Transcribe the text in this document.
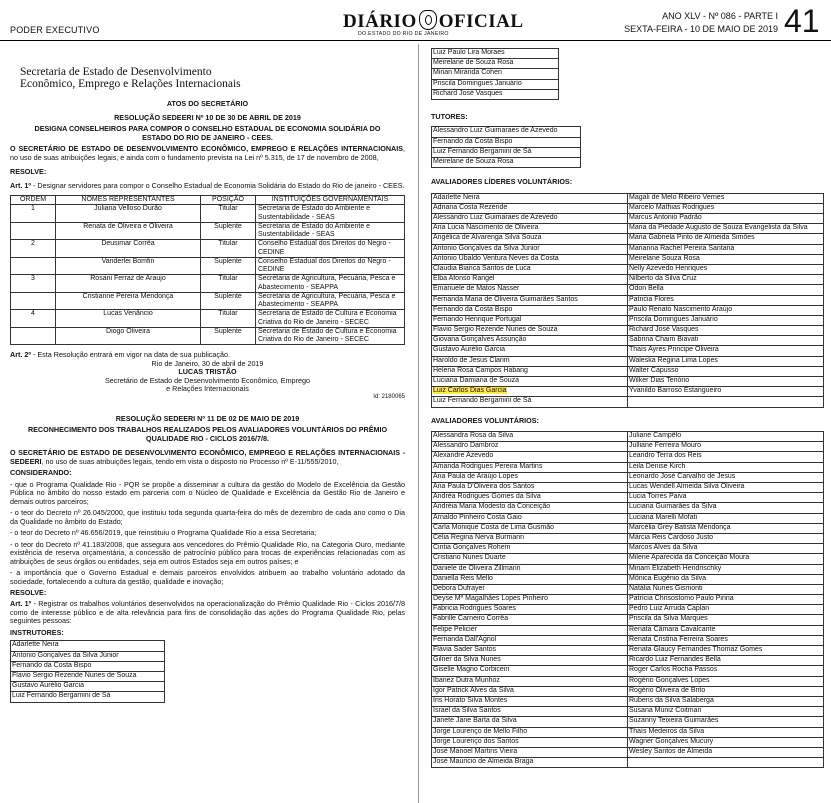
PODER EXECUTIVO	DIÁRIO OFICIAL
DO ESTADO DO RIO DE JANEIRO
ANO XLV - Nº 086 - PARTE I
SEXTA-FEIRA - 10 DE MAIO DE 2019 41
Secretaria de Estado de Desenvolvimento
Econômico, Emprego e Relações Internacionais

ATOS DO SECRETÁRIO

RESOLUÇÃO SEDEERI Nº 10 DE 30 DE ABRIL DE 2019

DESIGNA CONSELHEIROS PARA COMPOR O CONSELHO ESTADUAL DE ECONOMIA SOLIDÁRIA DO ESTADO DO RIO DE JANEIRO - CEES.

O SECRETÁRIO DE ESTADO DE DESENVOLVIMENTO ECONÔMICO, EMPREGO E RELAÇÕES INTERNACIONAIS, no uso de suas atribuições legais, e ainda com o fundamento prevista na Lei nº 5.315, de 17 de novembro de 2008,

RESOLVE:

Art. 1º - Designar servidores para compor o Conselho Estadual de Economia Solidária do Estado do Rio de janeiro - CEES.

ORDEM	NOMES REPRESENTANTES	POSIÇÃO	INSTITUIÇÕES GOVERNAMENTAIS
1	Juliana Velloso Durão	Titular	Secretaria de Estado do Ambiente e Sustentabilidade - SEAS
	Renata de Oliveira e Oliveira	Suplente	Secretaria de Estado do Ambiente e Sustentabilidade - SEAS
2	Deusimar Corrêa	Titular	Conselho Estadual dos Direitos do Negro - CEDINE
	Vanderlei Bomfin	Suplente	Conselho Estadual dos Direitos do Negro - CEDINE
3	Rosani Ferraz de Araujo	Titular	Secretaria de Agricultura, Pecuária, Pesca e Abastecimento - SEAPPA
	Cristianne Pereira Mendonça	Suplente	Secretaria de Agricultura, Pecuária, Pesca e Abastecimento - SEAPPA
4	Lucas Venâncio	Titular	Secretaria de Estado de Cultura e Economia Criativa do Rio de Janeiro - SECEC
	Diogo Oliveira	Suplente	Secretaria de Estado de Cultura e Economia Criativa do Rio de Janeiro - SECEC

Art. 2º - Esta Resolução entrará em vigor na data de sua publicação.

Rio de Janeiro, 30 de abril de 2019

LUCAS TRISTÃO

Secretário de Estado de Desenvolvimento Econômico, Emprego

e Relações Internacionais

Id: 2180065

RESOLUÇÃO SEDEERI Nº 11 DE 02 DE MAIO DE 2019

RECONHECIMENTO DOS TRABALHOS REALIZADOS PELOS AVALIADORES VOLUNTÁRIOS DO PRÊMIO QUALIDADE RIO - CICLOS 2016/7/8.

O SECRETÁRIO DE ESTADO DE DESENVOLVIMENTO ECONÔMICO, EMPREGO E RELAÇÕES INTERNACIONAIS - SEDEERI, no uso de suas atribuições legais, tendo em vista o disposto no Processo nº E-11/555/2010,

CONSIDERANDO:

- que o Programa Qualidade Rio - PQR se propõe a disseminar a cultura da gestão do Modelo de Excelência da Gestão Pública no âmbito do nosso estado em parceria com o Núcleo de Qualidade e Excelência da Gestão Rio de Janeiro e demais outros parceiros;

- o teor do Decreto nº 26.045/2000, que instituiu toda segunda quarta-feira do mês de dezembro de cada ano como o Dia da Qualidade no âmbito do Estado;

- o teor do Decreto nº 46.656/2019, que reinstituiu o Programa Qualidade Rio a essa Secretaria;

- o teor do Decreto nº 41.183/2008, que assegura aos vencedores do Prêmio Qualidade Rio, na Categoria Ouro, mediante existência de reserva orçamentária, a concessão de patrocínio público para trocas de experiências relacionadas com as atribuições de seus órgãos ou entidades, seja em outros Estados seja em outros países; e

- a importância que o Governo Estadual e demais parceiros envolvidos atribuem ao trabalho voluntário adotado da sociedade, fortalecendo a cultura da gestão, qualidade e inovação;

RESOLVE:

Art. 1º - Registrar os trabalhos voluntários desenvolvidos na operacionalização do Prêmio Qualidade Rio - Ciclos 2016/7/8 como de interesse público e de alta relevância para fins de consolidação das ações do Programa Qualidade Rio, pelas seguintes pessoas:

INSTRUTORES:

Adarlette Neira
Antonio Gonçalves da Silva Júnior
Fernando da Costa Bispo
Flavio Sergio Rezende Nunes de Souza
Gustavo Aurélio Garcia
Luiz Fernando Bergamini de Sá
Luiz Paulo Lira Moraes
Meirelane de Souza Rosa
Mirian Miranda Cohen
Priscila Domingues Januário
Richard José Vasques

TUTORES:

Alessandro Luiz Guimaraes de Azevedo
Fernando da Costa Bispo
Luiz Fernando Bergamini de Sá
Meirelane de Souza Rosa

AVALIADORES LÍDERES VOLUNTÁRIOS:

Adarlette Neira	Magali de Melo Ribeiro Vernes
Adriana Costa Rezende	Marcelo Mathias Rodrigues
Alessandro Luiz Guimaraes de Azevedo	Marcus Antonio Padrão
Ana Lucia Nascimento de Oliveira	Maria da Piedade Augusto de Souza Evangelista da Silva
Angélica de Alvarenga Silva Souza	Maria Gabriela Pinto de Almeida Simões
Antonio Gonçalves da Silva Júnior	Marianna Rachel Pereira Santana
Antonio Ubaldo Ventura Neves da Costa	Meirelane Souza Rosa
Claudia Bianca Santos de Luca	Nelly Azevedo Henriques
Elba Afonso Rangel	Nilberto da Silva Cruz
Emanuele de Matos Nasser	Odon Bella
Fernanda Maria de Oliveira Guimarães Santos	Patricia Flores
Fernando da Costa Bispo	Paulo Renato Nascimento Araújo
Fernando Henrique Portugal	Priscila Domingues Januário
Flavio Sergio Rezende Nunes de Souza	Richard José Vasques
Giovana Gonçalves Assunção	Sabrina Chaim Biavati
Gustavo Aurélio Garcia	Thaís Ayres Principe Oliveira
Haroldo de Jesus Clarim	Waleska Regina Lima Lopes
Helena Rosa Campos Habang	Walter Capusso
Luciana Damiana de Souza	Wilker Dias Tenório
Luiz Carlos Dias Garcia	Yvanildo Barroso Estangueiro
Luiz Fernando Bergamini de Sá	

AVALIADORES VOLUNTÁRIOS:

Alessandra Rosa da Silva	Juliane Campêlo
Alessandro Dambroz	Julliane Ferreira Mouro
Alexandre Azevedo	Leandro Terra dos Reis
Amanda Rodrigues Pereira Martins	Leila Denise Kirch
Ana Paula de Araújo Lopes	Leonardo José Carvalho de Jesus
Ana Paula D'Oliveira dos Santos	Lucas Wendell Almeida Silva Oliveira
Andréa Rodrigues Gomes da Silva	Lucia Torres Paiva
Andréia Maria Modesto da Conceição	Luciana Guimarães da Silva
Arnaldo Pinheiro Costa Gaio	Luciana Marelli Mofati
Carla Monique Costa de Lima Gusmão	Marcélia Grey Batista Mendonça
Célia Regina Nerva Burmann	Márcia Reis Cardoso Justo
Cintia Gonçalves Rohem	Marcos Alves da Silva
Cristiano Nunes Duarte	Milene Aparecida da Conceição Moura
Daniele de Oliveira Zillmann	Miriam Elizabeth Hendrischky
Daniella Reis Mello	Mônica Eugênio da Silva
Debora Dufrayer	Natália Nunes Gismonti
Deyse Mª Magalhães Lopes Pinheiro	Patrícia Chrisostomo Paulo Pinna
Fabricia Rodrigues Soares	Pedro Luiz Arruda Caplan
Fabrille Carneiro Corrêa	Priscila da Silva Marques
Felipe Pelicier	Renata Câmara Cavalcante
Fernanda Dall'Agnol	Renata Cristina Ferreira Soares
Flávia Sader Santos	Renata Glaucy Fernandes Thomaz Gomes
Gilner da Silva Nunes	Ricardo Luiz Fernandes Bella
Giselle Magno Corbiceiri	Roger Carlos Rocha Passos
Ibanez Dutra Munhoz	Rogério Gonçalves Lopes
Igor Patrick Alves da Silva	Rogério Oliveira de Brito
Iris Horato Silva Montes	Rubens da Silva Salaberga
Israel da Silva Santos	Susana Muniz Coitman
Janete Jane Barta da Silva	Suzanny Teixeira Guimarães
Jorge Lourenço de Mello Filho	Thaís Medeiros da Silva
Jorge Lourenço dos Santos	Wagner Gonçalves Mucury
José Manoel Martins Vieira	Wesley Santos de Almeida
José Mauricio de Almeida Braga	
